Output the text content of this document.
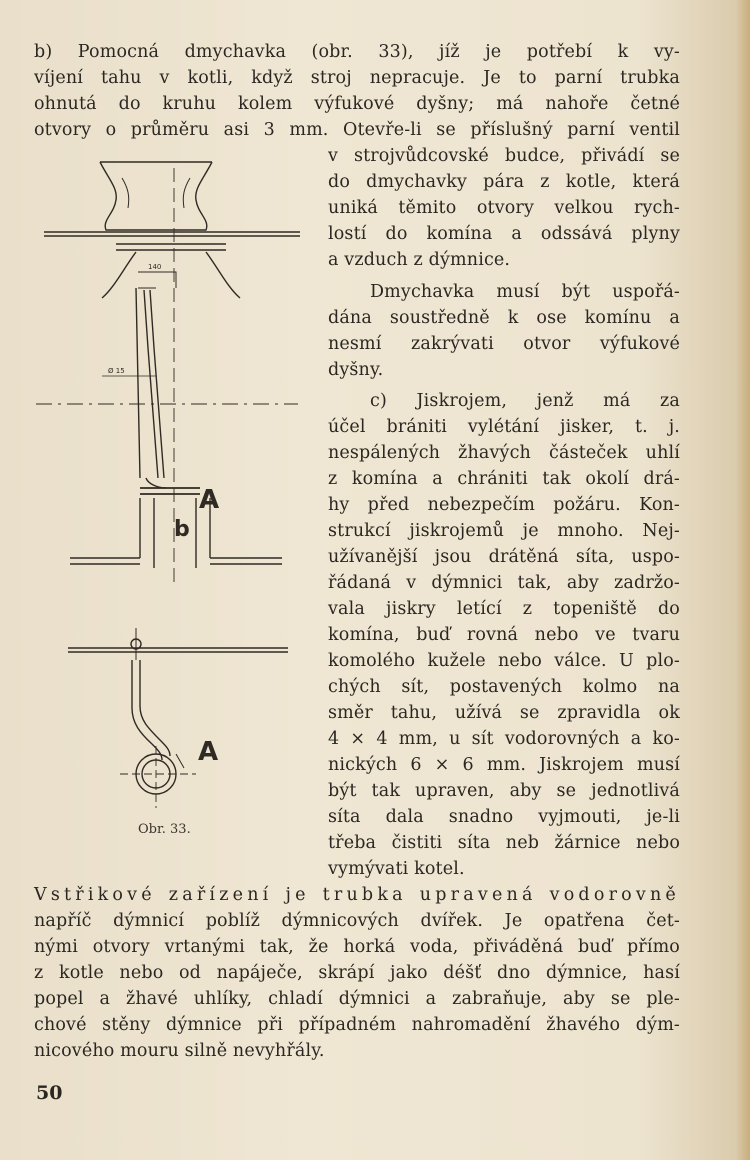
b) Pomocná dmychavka (obr. 33), jíž je potřebí k vy-
víjení tahu v kotli, když stroj nepracuje. Je to parní trubka
ohnutá do kruhu kolem výfukové dyšny; má nahoře četné
otvory o průměru asi 3 mm. Otevře-li se příslušný parní ventil
v strojvůdcovské budce, přivádí se
do dmychavky pára z kotle, která
uniká těmito otvory velkou rych-
lostí do komína a odssává plyny
a vzduch z dýmnice.
Dmychavka musí být uspořá-
dána soustředně k ose komínu a
nesmí zakrývati otvor výfukové
dyšny.
c) Jiskrojem, jenž má za
účel brániti vylétání jisker, t. j.
nespálených žhavých částeček uhlí
z komína a chrániti tak okolí drá-
hy před nebezpečím požáru. Kon-
strukcí jiskrojemů je mnoho. Nej-
užívanější jsou drátěná síta, uspo-
řádaná v dýmnici tak, aby zadržo-
vala jiskry letící z topeniště do
komína, buď rovná nebo ve tvaru
komolého kužele nebo válce. U plo-
chých sít, postavených kolmo na
směr tahu, užívá se zpravidla ok
4 × 4 mm, u sít vodorovných a ko-
nických 6 × 6 mm. Jiskrojem musí
být tak upraven, aby se jednotlivá
síta dala snadno vyjmouti, je-li
třeba čistiti síta neb žárnice nebo
vymývati kotel.
A
b
A
140
Ø 15
Obr. 33.
Vstřikové zařízení je trubka upravená vodorovně
napříč dýmnicí poblíž dýmnicových dvířek. Je opatřena čet-
nými otvory vrtanými tak, že horká voda, přiváděná buď přímo
z kotle nebo od napáječe, skrápí jako déšť dno dýmnice, hasí
popel a žhavé uhlíky, chladí dýmnici a zabraňuje, aby se ple-
chové stěny dýmnice při případném nahromadění žhavého dým-
nicového mouru silně nevyhřály.
50
